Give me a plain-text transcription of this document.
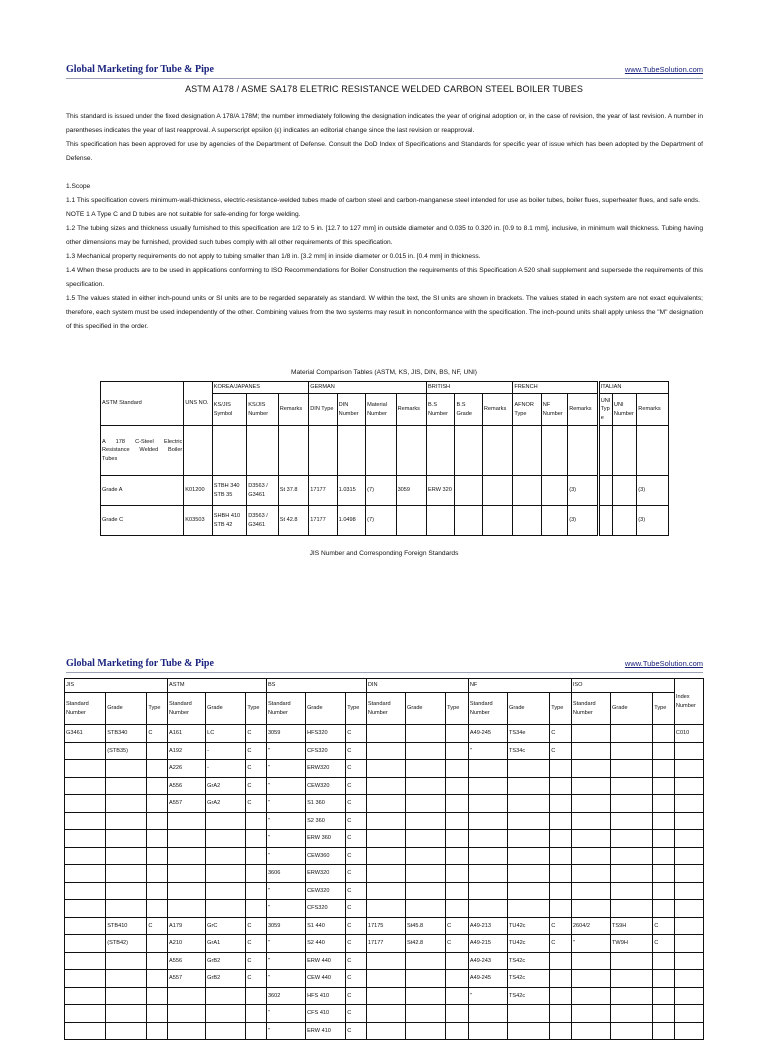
Global Marketing for Tube & Pipe	www.TubeSolution.com
ASTM A178 / ASME SA178 ELETRIC RESISTANCE WELDED CARBON STEEL BOILER TUBES

This standard is issued under the fixed designation A 178/A 178M; the number immediately following the designation indicates the year of original adoption or, in the case of revision, the year of last revision. A number in parentheses indicates the year of last reapproval. A superscript epsilon (ε) indicates an editorial change since the last revision or reapproval.

This specification has been approved for use by agencies of the Department of Defense. Consult the DoD Index of Specifications and Standards for specific year of issue which has been adopted by the Department of Defense.

1.Scope

1.1 This specification covers minimum-wall-thickness, electric-resistance-welded tubes made of carbon steel and carbon-manganese steel intended for use as boiler tubes, boiler flues, superheater flues, and safe ends.

NOTE 1 A Type C and D tubes are not suitable for safe-ending for forge welding.

1.2 The tubing sizes and thickness usually furnished to this specification are 1/2 to 5 in. [12.7 to 127 mm] in outside diameter and 0.035 to 0.320 in. [0.9 to 8.1 mm], inclusive, in minimum wall thickness. Tubing having other dimensions may be furnished, provided such tubes comply with all other requirements of this specification.

1.3 Mechanical property requirements do not apply to tubing smaller than 1/8 in. [3.2 mm] in inside diameter or 0.015 in. [0.4 mm] in thickness.

1.4 When these products are to be used in applications conforming to ISO Recommendations for Boiler Construction the requirements of this Specification A 520 shall supplement and supersede the requirements of this specification.

1.5 The values stated in either inch-pound units or SI units are to be regarded separately as standard. W within the text, the SI units are shown in brackets. The values stated in each system are not exact equivalents; therefore, each system must be used independently of the other. Combining values from the two systems may result in nonconformance with the specification. The inch-pound units shall apply unless the "M" designation of this specified in the order.

Material Comparison Tables (ASTM, KS, JIS, DIN, BS, NF, UNI)
ASTM Standard	UNS NO.	KOREA/JAPANES			GERMAN				BRITISH			FRENCH			ITALIAN		
		KS/JIS Symbol	KS/JIS Number	Remarks	DIN Type	DIN Number	Material Number	Remarks	B.S Number	B.S Grade	Remarks	AFNOR Type	NF Number	Remarks	UNI Type	UNI Number	Remarks
A 178 C-Steel Electric Resistance Welded Boiler Tubes																	
Grade A	K01200	STBH 340 STB 35	D3563 / G3461	St 37.8	17177	1.0315	(7)	3059	ERW 320					(3)			(3)
Grade C	K03503	SHBH 410 STB 42	D3563 / G3461	St 42.8	17177	1.0498	(7)							(3)			(3)
JIS Number and Corresponding Foreign Standards
Global Marketing for Tube & Pipe	www.TubeSolution.com
JIS			ASTM			BS			DIN			NF			ISO			Index Number
Standard Number	Grade	Type	Standard Number	Grade	Type	Standard Number	Grade	Type	Standard Number	Grade	Type	Standard Number	Grade	Type	Standard Number	Grade	Type	
G3461	STB340	C	A161	LC	C	3059	HFS320	C				A49-245	TS34e	C				C010
	(STB35)		A192	-	C	"	CFS320	C				"	TS34c	C				
			A226	-	C	"	ERW320	C										
			A556	GrA2	C	"	CEW320	C										
			A557	GrA2	C	"	S1 360	C										
						"	S2 360	C										
						"	ERW 360	C										
						"	CEW360	C										
						3606	ERW320	C										
						"	CEW320	C										
						"	CFS320	C										
	STB410	C	A179	GrC	C	3059	S1 440	C	17175	St45.8	C	A49-213	TU42c	C	2604/2	TS9H	C	
	(STB42)		A210	GrA1	C	"	S2 440	C	17177	St42.8	C	A49-215	TU42c	C	"	TW9H	C	
			A556	GrB2	C	"	ERW 440	C				A49-243	TS42c					
			A557	GrB2	C	"	CEW 440	C				A49-245	TS42c					
						3602	HFS 410	C				"	TS42c					
						"	CFS 410	C										
						"	ERW 410	C										
